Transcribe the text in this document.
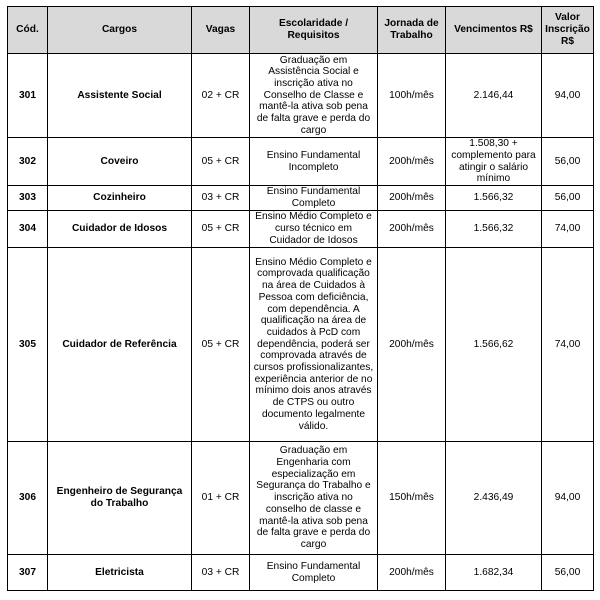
Cód.	Cargos	Vagas	Escolaridade / Requisitos	Jornada de Trabalho	Vencimentos R$	Valor Inscrição R$
301	Assistente Social	02 + CR	Graduação em Assistência Social e inscrição ativa no Conselho de Classe e mantê-la ativa sob pena de falta grave e perda do cargo	100h/mês	2.146,44	94,00
302	Coveiro	05 + CR	Ensino Fundamental Incompleto	200h/mês	1.508,30 + complemento para atingir o salário mínimo	56,00
303	Cozinheiro	03 + CR	Ensino Fundamental Completo	200h/mês	1.566,32	56,00
304	Cuidador de Idosos	05 + CR	Ensino Médio Completo e curso técnico em Cuidador de Idosos	200h/mês	1.566,32	74,00
305	Cuidador de Referência	05 + CR	Ensino Médio Completo e comprovada qualificação na área de Cuidados à Pessoa com deficiência, com dependência. A qualificação na área de cuidados à PcD com dependência, poderá ser comprovada através de cursos profissionalizantes, experiência anterior de no mínimo dois anos através de CTPS ou outro documento legalmente válido.	200h/mês	1.566,62	74,00
306	Engenheiro de Segurança do Trabalho	01 + CR	Graduação em Engenharia com especialização em Segurança do Trabalho e inscrição ativa no conselho de classe e mantê-la ativa sob pena de falta grave e perda do cargo	150h/mês	2.436,49	94,00
307	Eletricista	03 + CR	Ensino Fundamental Completo	200h/mês	1.682,34	56,00
